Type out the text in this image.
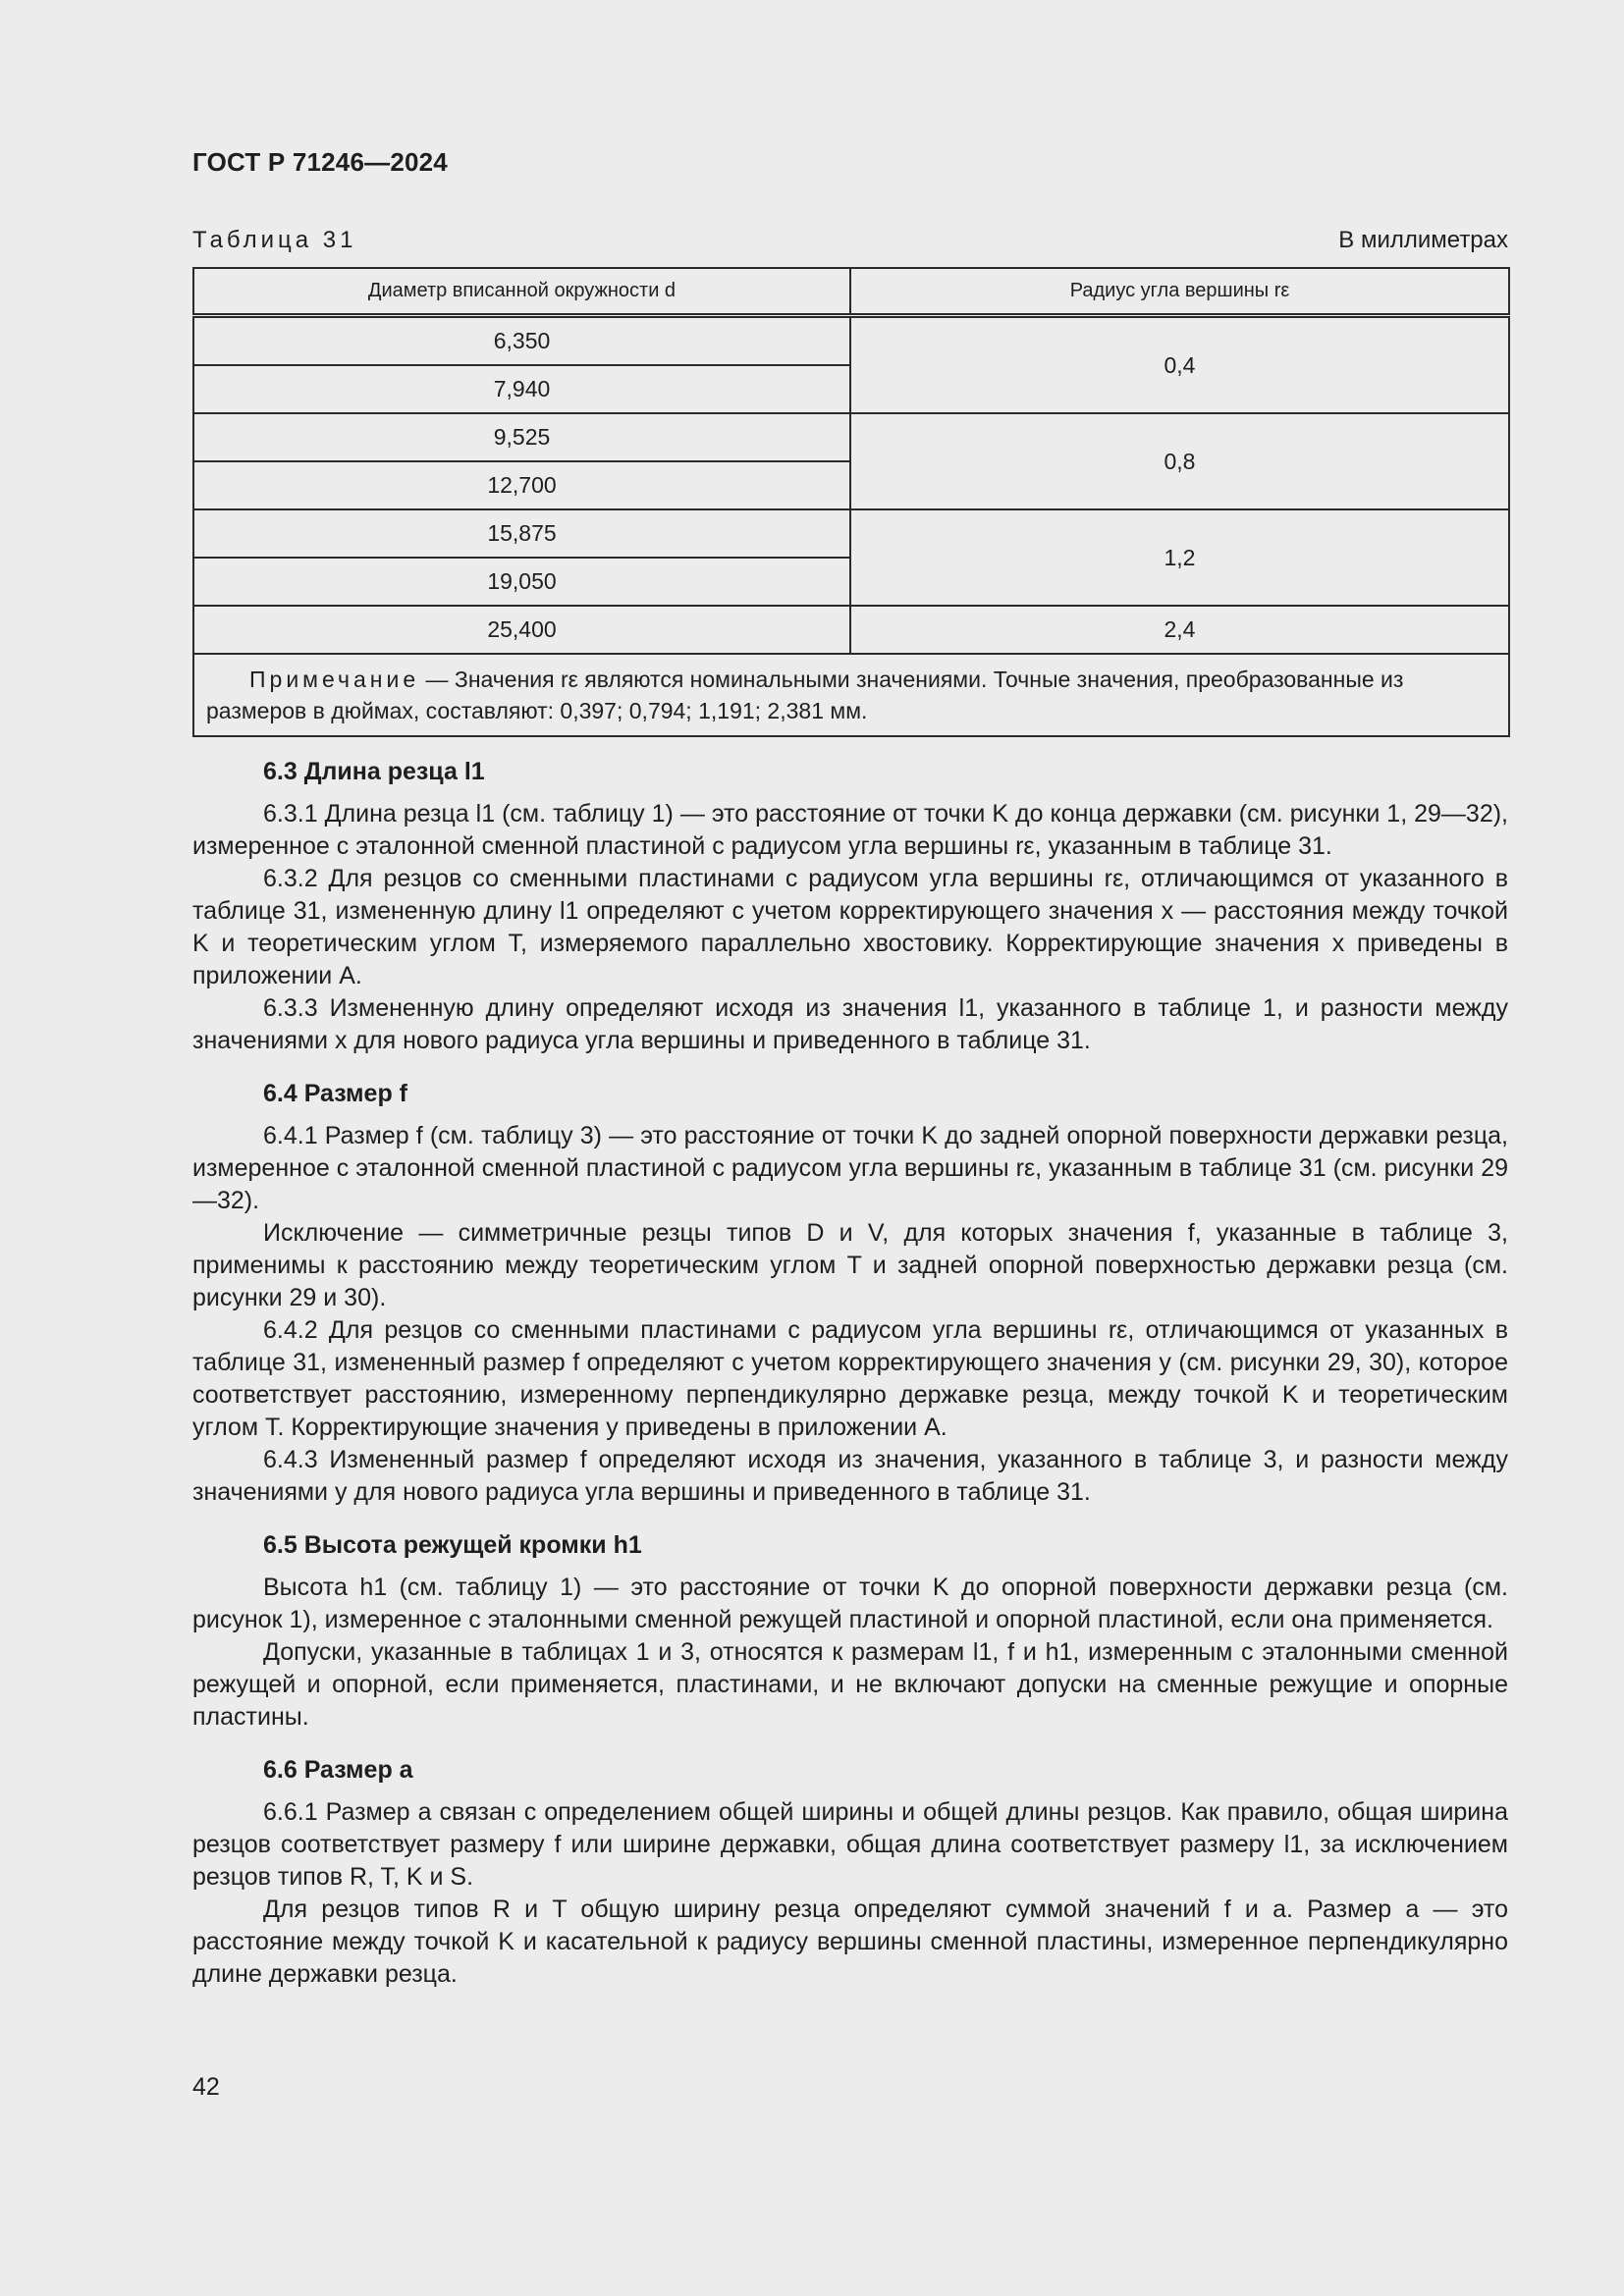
ГОСТ Р 71246—2024
Таблица 31	В миллиметрах
Диаметр вписанной окружности d	Радиус угла вершины rε
6,350	0,4
7,940	
9,525	0,8
12,700	
15,875	1,2
19,050	
25,400	2,4
Примечание — Значения rε являются номинальными значениями. Точные значения, преобразованные из размеров в дюймах, составляют: 0,397; 0,794; 1,191; 2,381 мм.	
6.3 Длина резца l1

6.3.1 Длина резца l1 (см. таблицу 1) — это расстояние от точки K до конца державки (см. рисунки 1, 29—32), измеренное с эталонной сменной пластиной с радиусом угла вершины rε, указанным в таблице 31.

6.3.2 Для резцов со сменными пластинами с радиусом угла вершины rε, отличающимся от указанного в таблице 31, измененную длину l1 определяют с учетом корректирующего значения x — расстояния между точкой K и теоретическим углом T, измеряемого параллельно хвостовику. Корректирующие значения x приведены в приложении А.

6.3.3 Измененную длину определяют исходя из значения l1, указанного в таблице 1, и разности между значениями x для нового радиуса угла вершины и приведенного в таблице 31.

6.4 Размер f

6.4.1 Размер f (см. таблицу 3) — это расстояние от точки K до задней опорной поверхности державки резца, измеренное с эталонной сменной пластиной с радиусом угла вершины rε, указанным в таблице 31 (см. рисунки 29—32).

Исключение — симметричные резцы типов D и V, для которых значения f, указанные в таблице 3, применимы к расстоянию между теоретическим углом T и задней опорной поверхностью державки резца (см. рисунки 29 и 30).

6.4.2 Для резцов со сменными пластинами с радиусом угла вершины rε, отличающимся от указанных в таблице 31, измененный размер f определяют с учетом корректирующего значения y (см. рисунки 29, 30), которое соответствует расстоянию, измеренному перпендикулярно державке резца, между точкой K и теоретическим углом T. Корректирующие значения y приведены в приложении А.

6.4.3 Измененный размер f определяют исходя из значения, указанного в таблице 3, и разности между значениями y для нового радиуса угла вершины и приведенного в таблице 31.

6.5 Высота режущей кромки h1

Высота h1 (см. таблицу 1) — это расстояние от точки K до опорной поверхности державки резца (см. рисунок 1), измеренное с эталонными сменной режущей пластиной и опорной пластиной, если она применяется.

Допуски, указанные в таблицах 1 и 3, относятся к размерам l1, f и h1, измеренным с эталонными сменной режущей и опорной, если применяется, пластинами, и не включают допуски на сменные режущие и опорные пластины.

6.6 Размер a

6.6.1 Размер a связан с определением общей ширины и общей длины резцов. Как правило, общая ширина резцов соответствует размеру f или ширине державки, общая длина соответствует размеру l1, за исключением резцов типов R, T, K и S.

Для резцов типов R и T общую ширину резца определяют суммой значений f и a. Размер a — это расстояние между точкой K и касательной к радиусу вершины сменной пластины, измеренное перпендикулярно длине державки резца.

42
